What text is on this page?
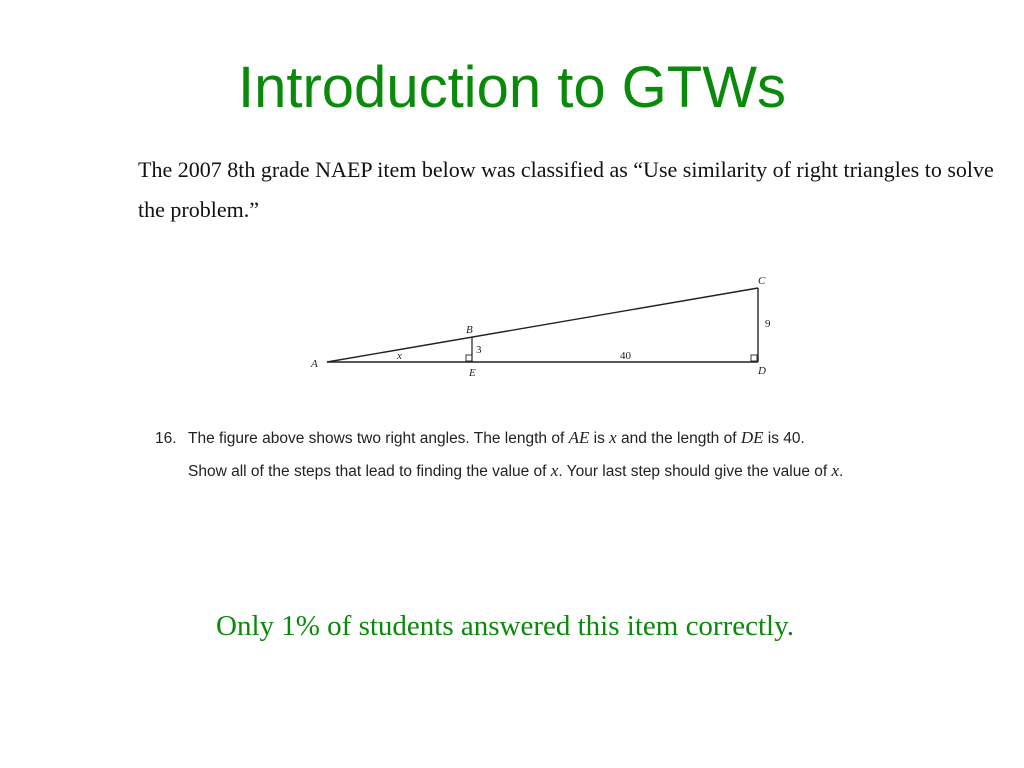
Introduction to GTWs
The 2007 8th grade NAEP item below was classified as “Use similarity of right triangles to solve the problem.”
A
B
C
D
E
x	3
9
40
16. The figure above shows two right angles. The length of AE is x and the length of DE is 40.
Show all of the steps that lead to finding the value of x. Your last step should give the value of x.
Only 1% of students answered this item correctly.
